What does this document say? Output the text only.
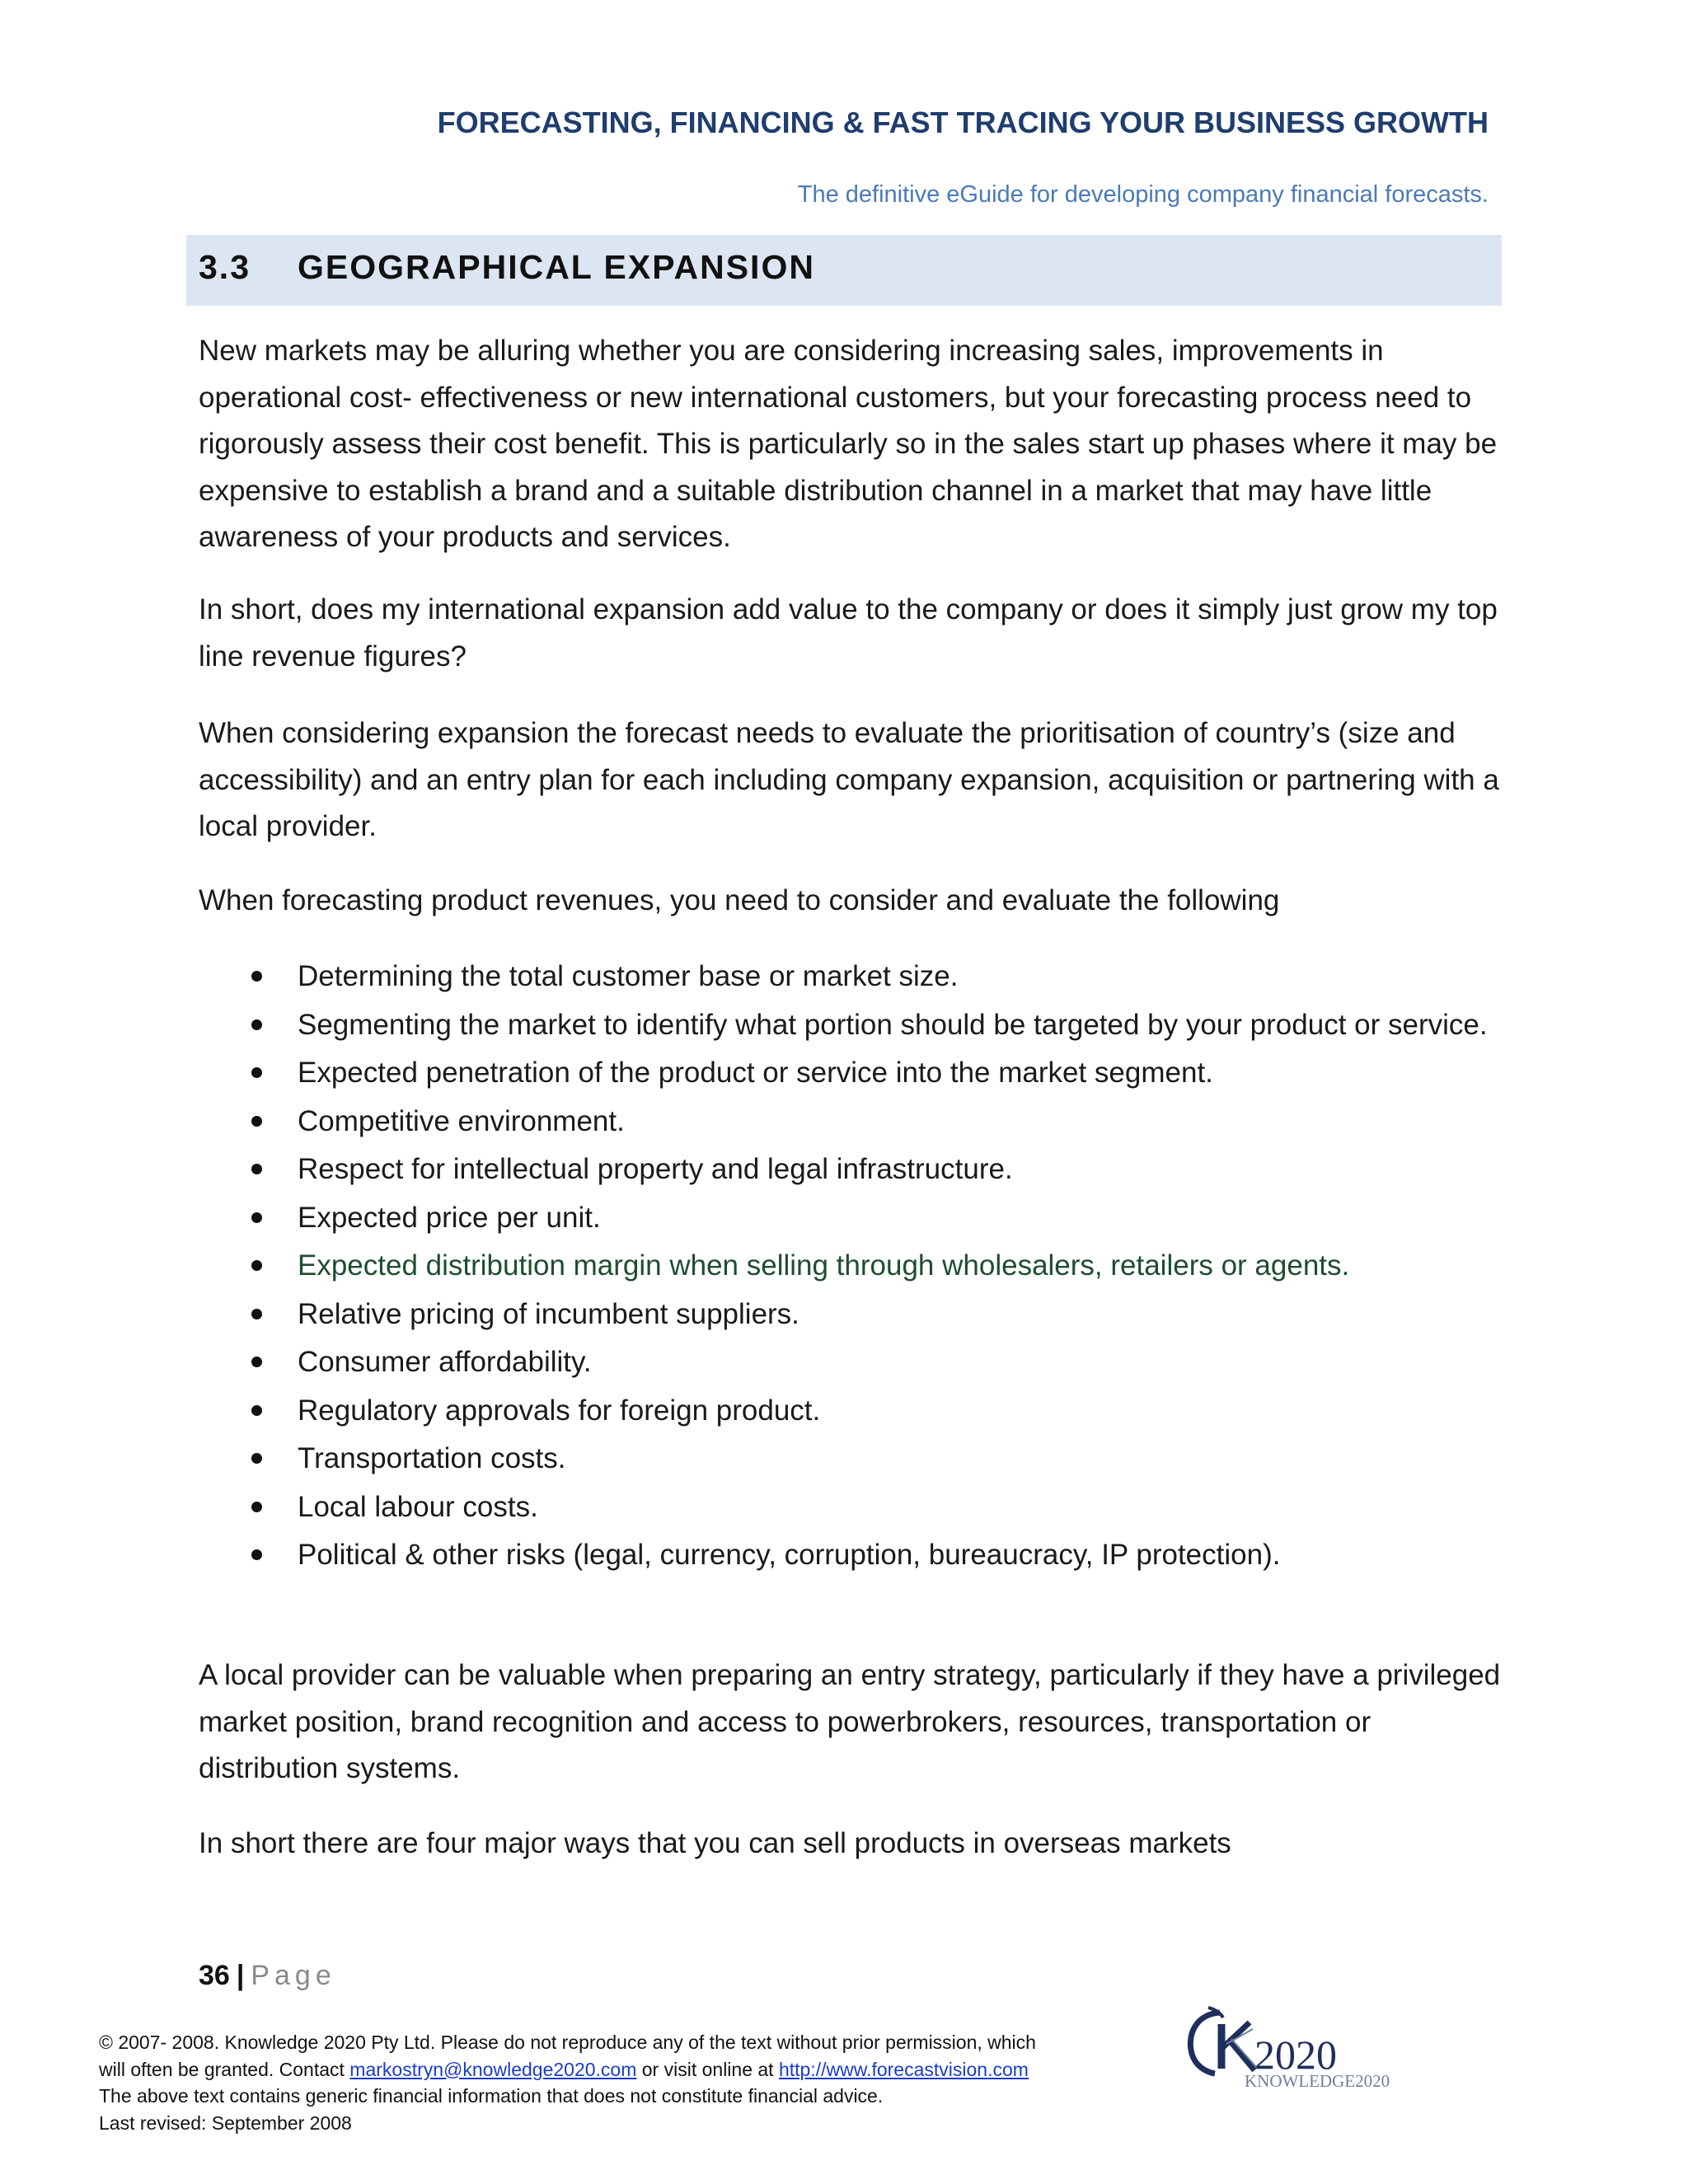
FORECASTING, FINANCING & FAST TRACING YOUR BUSINESS GROWTH
The definitive eGuide for developing company financial forecasts.
3.3 GEOGRAPHICAL EXPANSION
New markets may be alluring whether you are considering increasing sales, improvements in operational cost- effectiveness or new international customers, but your forecasting process need to rigorously assess their cost benefit. This is particularly so in the sales start up phases where it may be expensive to establish a brand and a suitable distribution channel in a market that may have little awareness of your products and services.
In short, does my international expansion add value to the company or does it simply just grow my top line revenue figures?
When considering expansion the forecast needs to evaluate the prioritisation of country’s (size and accessibility) and an entry plan for each including company expansion, acquisition or partnering with a local provider.
When forecasting product revenues, you need to consider and evaluate the following
Determining the total customer base or market size.
Segmenting the market to identify what portion should be targeted by your product or service.
Expected penetration of the product or service into the market segment.
Competitive environment.
Respect for intellectual property and legal infrastructure.
Expected price per unit.
Expected distribution margin when selling through wholesalers, retailers or agents.
Relative pricing of incumbent suppliers.
Consumer affordability.
Regulatory approvals for foreign product.
Transportation costs.
Local labour costs.
Political & other risks (legal, currency, corruption, bureaucracy, IP protection).
A local provider can be valuable when preparing an entry strategy, particularly if they have a privileged market position, brand recognition and access to powerbrokers, resources, transportation or distribution systems.
In short there are four major ways that you can sell products in overseas markets
36 | Page
© 2007- 2008. Knowledge 2020 Pty Ltd. Please do not reproduce any of the text without prior permission, which
will often be granted. Contact markostryn@knowledge2020.com or visit online at http://www.forecastvision.com
The above text contains generic financial information that does not constitute financial advice.
Last revised: September 2008
2020
KNOWLEDGE2020
